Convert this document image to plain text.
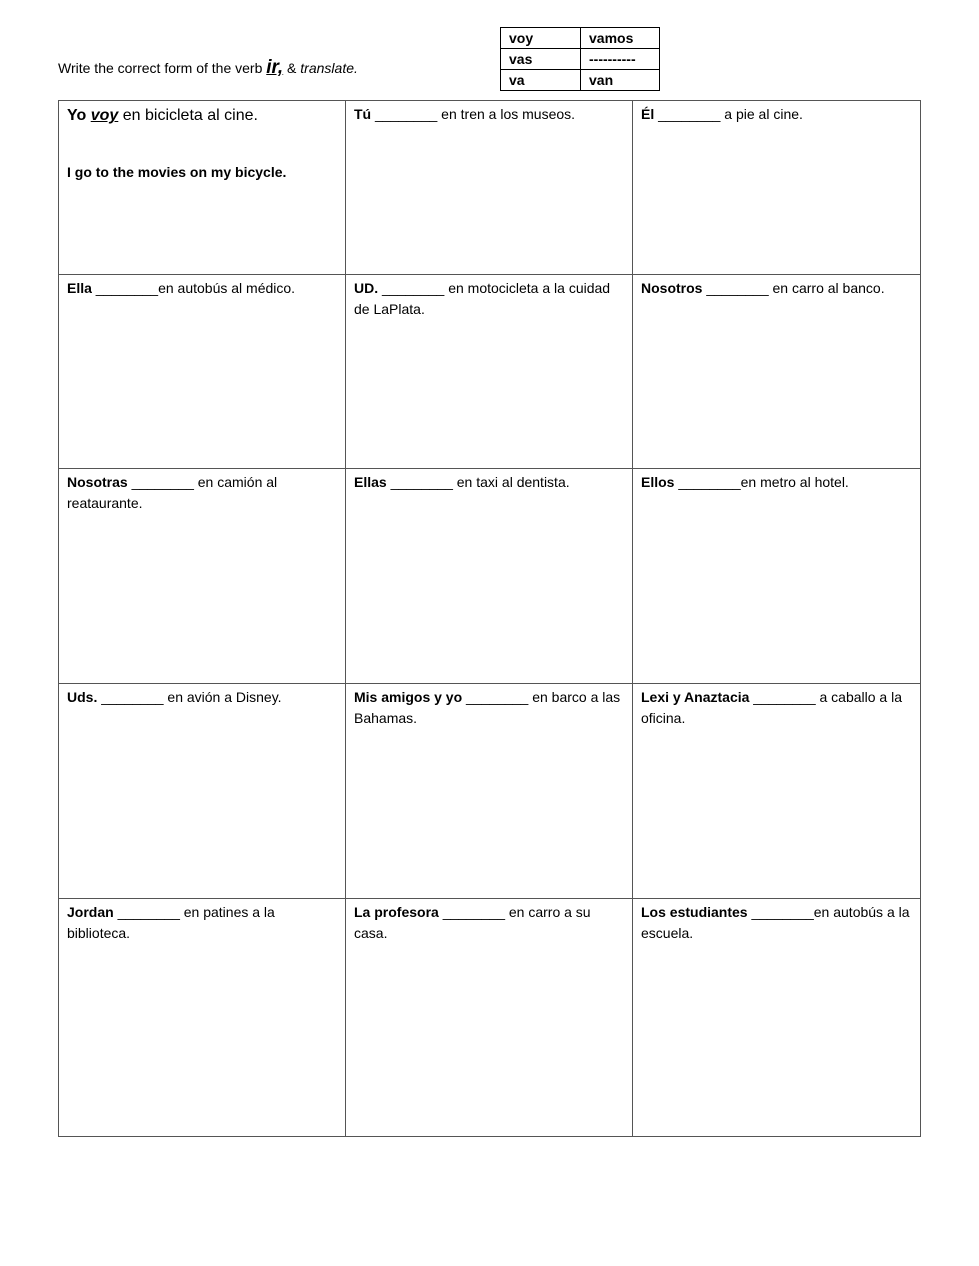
Write the correct form of the verb ir, & translate.
voy	vamos
vas	----------
va	van
Yo voy en bicicleta al cine.
I go to the movies on my bicycle.	Tú ________ en tren a los museos.	Él ________ a pie al cine.
Ella ________en autobús al médico.	UD. ________ en motocicleta a la cuidad de LaPlata.	Nosotros ________ en carro al banco.
Nosotras ________ en camión al reataurante.	Ellas ________ en taxi al dentista.	Ellos ________en metro al hotel.
Uds. ________ en avión a Disney.	Mis amigos y yo ________ en barco a las Bahamas.	Lexi y Anaztacia ________ a caballo a la oficina.
Jordan ________ en patines a la biblioteca.	La profesora ________ en carro a su casa.	Los estudiantes ________en autobús a la escuela.
